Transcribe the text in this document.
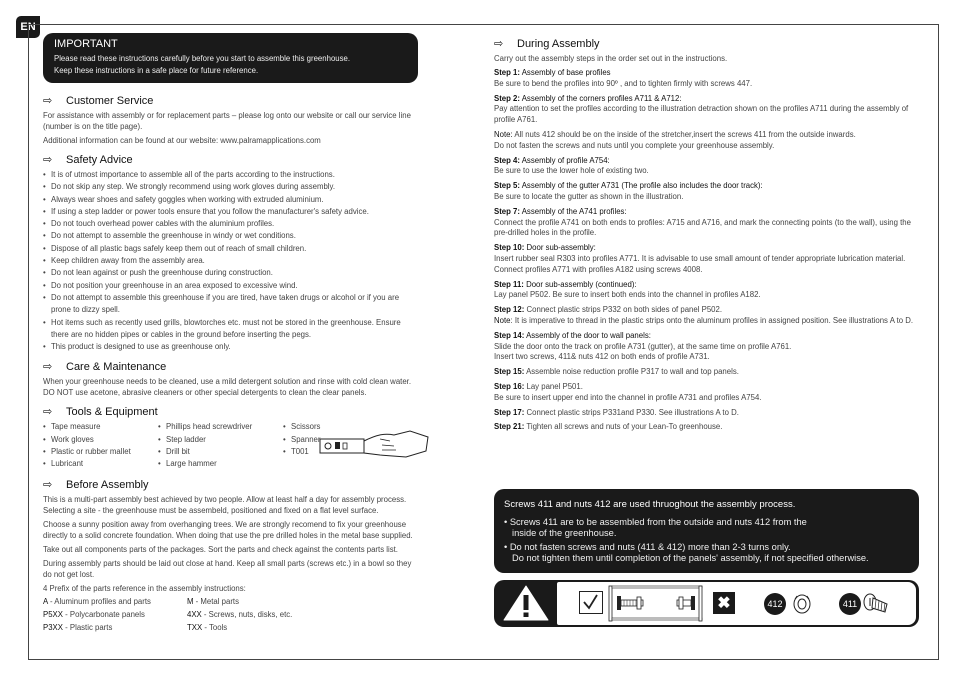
EN
IMPORTANT
Please read these instructions carefully before you start to assemble this greenhouse.
Keep these instructions in a safe place for future reference.
⇨	Customer Service
For assistance with assembly or for replacement parts – please log onto our website or call our service line (number is on the title page).
Additional information can be found at our website: www.palramapplications.com
⇨	Safety Advice
• It is of utmost importance to assemble all of the parts according to the instructions.
• Do not skip any step. We strongly recommend using work gloves during assembly.
• Always wear shoes and safety goggles when working with extruded aluminium.
• If using a step ladder or power tools ensure that you follow the manufacturer's safety advice.
• Do not touch overhead power cables with the aluminium profiles.
• Do not attempt to assemble the greenhouse in windy or wet conditions.
• Dispose of all plastic bags safely keep them out of reach of small children.
• Keep children away from the assembly area.
• Do not lean against or push the greenhouse during construction.
• Do not position your greenhouse in an area exposed to excessive wind.
• Do not attempt to assemble this greenhouse if you are tired, have taken drugs or alcohol or if you are prone to dizzy spell.
• Hot items such as recently used grills, blowtorches etc. must not be stored in the greenhouse. Ensure there are no hidden pipes or cables in the ground before inserting the pegs.
• This product is designed to use as greenhouse only.
⇨	Care & Maintenance
When your greenhouse needs to be cleaned, use a mild detergent solution and rinse with cold clean water. DO NOT use acetone, abrasive cleaners or other special detergents to clean the clear panels.
⇨	Tools & Equipment
• Tape measure
• Work gloves
• Plastic or rubber mallet
• Lubricant
• Phillips head screwdriver
• Step ladder
• Drill bit
• Large hammer
• Scissors
• Spanner
• T001
⇨	Before Assembly
This is a multi-part assembly best achieved by two people. Allow at least half a day for assembly process. Selecting a site - the greenhouse must be assembeld, positioned and fixed on a flat level surface.
Choose a sunny position away from overhanging trees. We are strongly recomend to fix your greenhouse directly to a solid concrete foundation. When doing that use the pre drilled holes in the metal base supplied.
Take out all components parts of the packages. Sort the parts and check against the contents parts list.
During assembly parts should be laid out close at hand. Keep all small parts (screws etc.) in a bowl so they do not get lost.
4 Prefix of the parts reference in the assembly instructions:
A - Aluminum profiles and parts	M - Metal parts
P5XX - Polycarbonate panels	4XX - Screws, nuts, disks, etc.
P3XX - Plastic parts	TXX - Tools
⇨	During Assembly
Carry out the assembly steps in the order set out in the instructions.
Step 1: Assembly of base profiles
Be sure to bend the profiles into 90º , and to tighten firmly with screws 447.
Step 2: Assembly of the corners profiles A711 & A712:
Pay attention to set the profiles according to the illustration detraction shown on the profiles A711 during the assembly of profile A761.
Note: All nuts 412 should be on the inside of the stretcher,insert the screws 411 from the outside inwards.
Do not fasten the screws and nuts until you complete your greenhouse assembly.
Step 4: Assembly of profile A754:
Be sure to use the lower hole of existing two.
Step 5: Assembly of the gutter A731 (The profile also includes the door track):
Be sure to locate the gutter as shown in the illustration.
Step 7: Assembly of the A741 profiles:
Connect the profile A741 on both ends to profiles: A715 and A716, and mark the connecting points (to the wall), using the pre-drilled holes in the profile.
Step 10: Door sub-assembly:
Insert rubber seal R303 into profiles A771. It is advisable to use small amount of tender appropriate lubrication material. Connect profiles A771 with profiles A182 using screws 4008.
Step 11: Door sub-assembly (continued):
Lay panel P502. Be sure to insert both ends into the channel in profiles A182.
Step 12: Connect plastic strips P332 on both sides of panel P502.
Note: It is imperative to thread in the plastic strips onto the aluminum profiles in assigned position. See illustrations A to D.
Step 14: Assembly of the door to wall panels:
Slide the door onto the track on profile A731 (gutter), at the same time on profile A761.
Insert two screws, 411& nuts 412 on both ends of profile A731.
Step 15: Assemble noise reduction profile P317 to wall and top panels.
Step 16: Lay panel P501.
Be sure to insert upper end into the channel in profile A731 and profiles A754.
Step 17: Connect plastic strips P331and P330. See illustrations A to D.
Step 21: Tighten all screws and nuts of your Lean-To greenhouse.
Screws 411 and nuts 412 are used thruoghout the assembly process.
• Screws 411 are to be assembled from the outside and nuts 412 from the
inside of the greenhouse.
• Do not fasten screws and nuts (411 & 412) more than 2-3 turns only.
Do not tighten them until completion of the panels' assembly, if not specified otherwise.
✖	412	411
